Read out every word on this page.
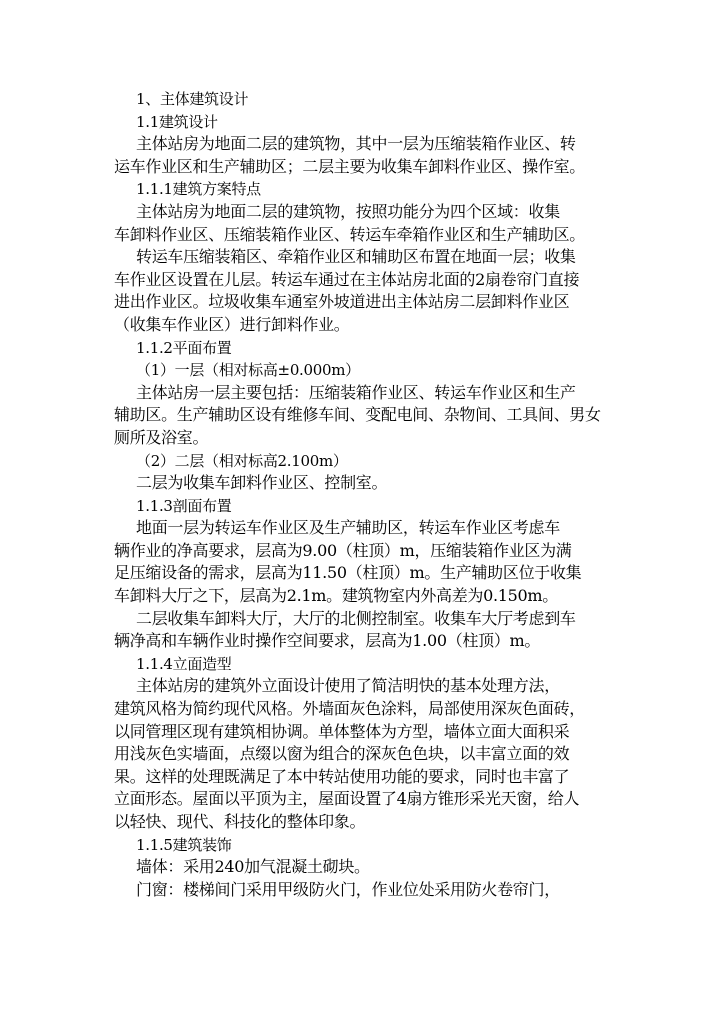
1、主体建筑设计
1.1建筑设计
主体站房为地面二层的建筑物，其中一层为压缩装箱作业区、转
运车作业区和生产辅助区；二层主要为收集车卸料作业区、操作室。
1.1.1建筑方案特点
主体站房为地面二层的建筑物，按照功能分为四个区域：收集
车卸料作业区、压缩装箱作业区、转运车牵箱作业区和生产辅助区。
转运车压缩装箱区、牵箱作业区和辅助区布置在地面一层；收集
车作业区设置在儿层。转运车通过在主体站房北面的2扇卷帘门直接
进出作业区。垃圾收集车通室外坡道进出主体站房二层卸料作业区
（收集车作业区）进行卸料作业。
1.1.2平面布置
（1）一层（相对标高±0.000m）
主体站房一层主要包括：压缩装箱作业区、转运车作业区和生产
辅助区。生产辅助区设有维修车间、变配电间、杂物间、工具间、男女
厕所及浴室。
（2）二层（相对标高2.100m）
二层为收集车卸料作业区、控制室。
1.1.3剖面布置
地面一层为转运车作业区及生产辅助区，转运车作业区考虑车
辆作业的净高要求，层高为9.00（柱顶）m，压缩装箱作业区为满
足压缩设备的需求，层高为11.50（柱顶）m。生产辅助区位于收集
车卸料大厅之下，层高为2.1m。建筑物室内外高差为0.150m。
二层收集车卸料大厅，大厅的北侧控制室。收集车大厅考虑到车
辆净高和车辆作业时操作空间要求，层高为1.00（柱顶）m。
1.1.4立面造型
主体站房的建筑外立面设计使用了简洁明快的基本处理方法，
建筑风格为简约现代风格。外墙面灰色涂料，局部使用深灰色面砖，
以同管理区现有建筑相协调。单体整体为方型，墙体立面大面积采
用浅灰色实墙面，点缀以窗为组合的深灰色色块，以丰富立面的效
果。这样的处理既满足了本中转站使用功能的要求，同时也丰富了
立面形态。屋面以平顶为主，屋面设置了4扇方锥形采光天窗，给人
以轻快、现代、科技化的整体印象。
1.1.5建筑装饰
墙体：采用240加气混凝土砌块。
门窗：楼梯间门采用甲级防火门，作业位处采用防火卷帘门，
